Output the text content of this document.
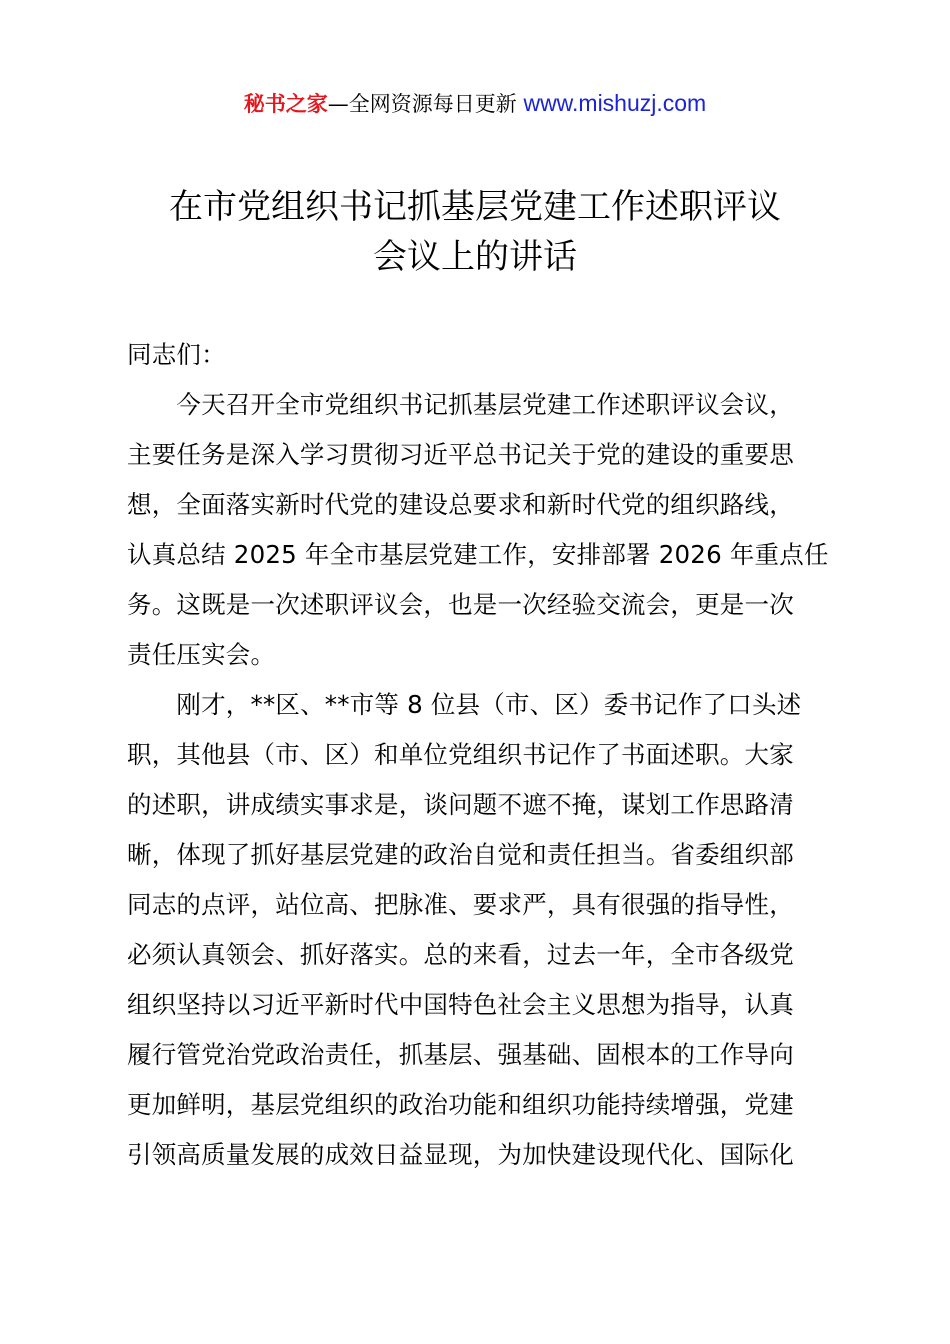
秘书之家—全网资源每日更新 www.mishuzj.com
在市党组织书记抓基层党建工作述职评议
会议上的讲话
同志们：
　　今天召开全市党组织书记抓基层党建工作述职评议会议，
主要任务是深入学习贯彻习近平总书记关于党的建设的重要思
想，全面落实新时代党的建设总要求和新时代党的组织路线，
认真总结 2025 年全市基层党建工作，安排部署 2026 年重点任
务。这既是一次述职评议会，也是一次经验交流会，更是一次
责任压实会。
　　刚才，**区、**市等 8 位县（市、区）委书记作了口头述
职，其他县（市、区）和单位党组织书记作了书面述职。大家
的述职，讲成绩实事求是，谈问题不遮不掩，谋划工作思路清
晰，体现了抓好基层党建的政治自觉和责任担当。省委组织部
同志的点评，站位高、把脉准、要求严，具有很强的指导性，
必须认真领会、抓好落实。总的来看，过去一年，全市各级党
组织坚持以习近平新时代中国特色社会主义思想为指导，认真
履行管党治党政治责任，抓基层、强基础、固根本的工作导向
更加鲜明，基层党组织的政治功能和组织功能持续增强，党建
引领高质量发展的成效日益显现，为加快建设现代化、国际化
